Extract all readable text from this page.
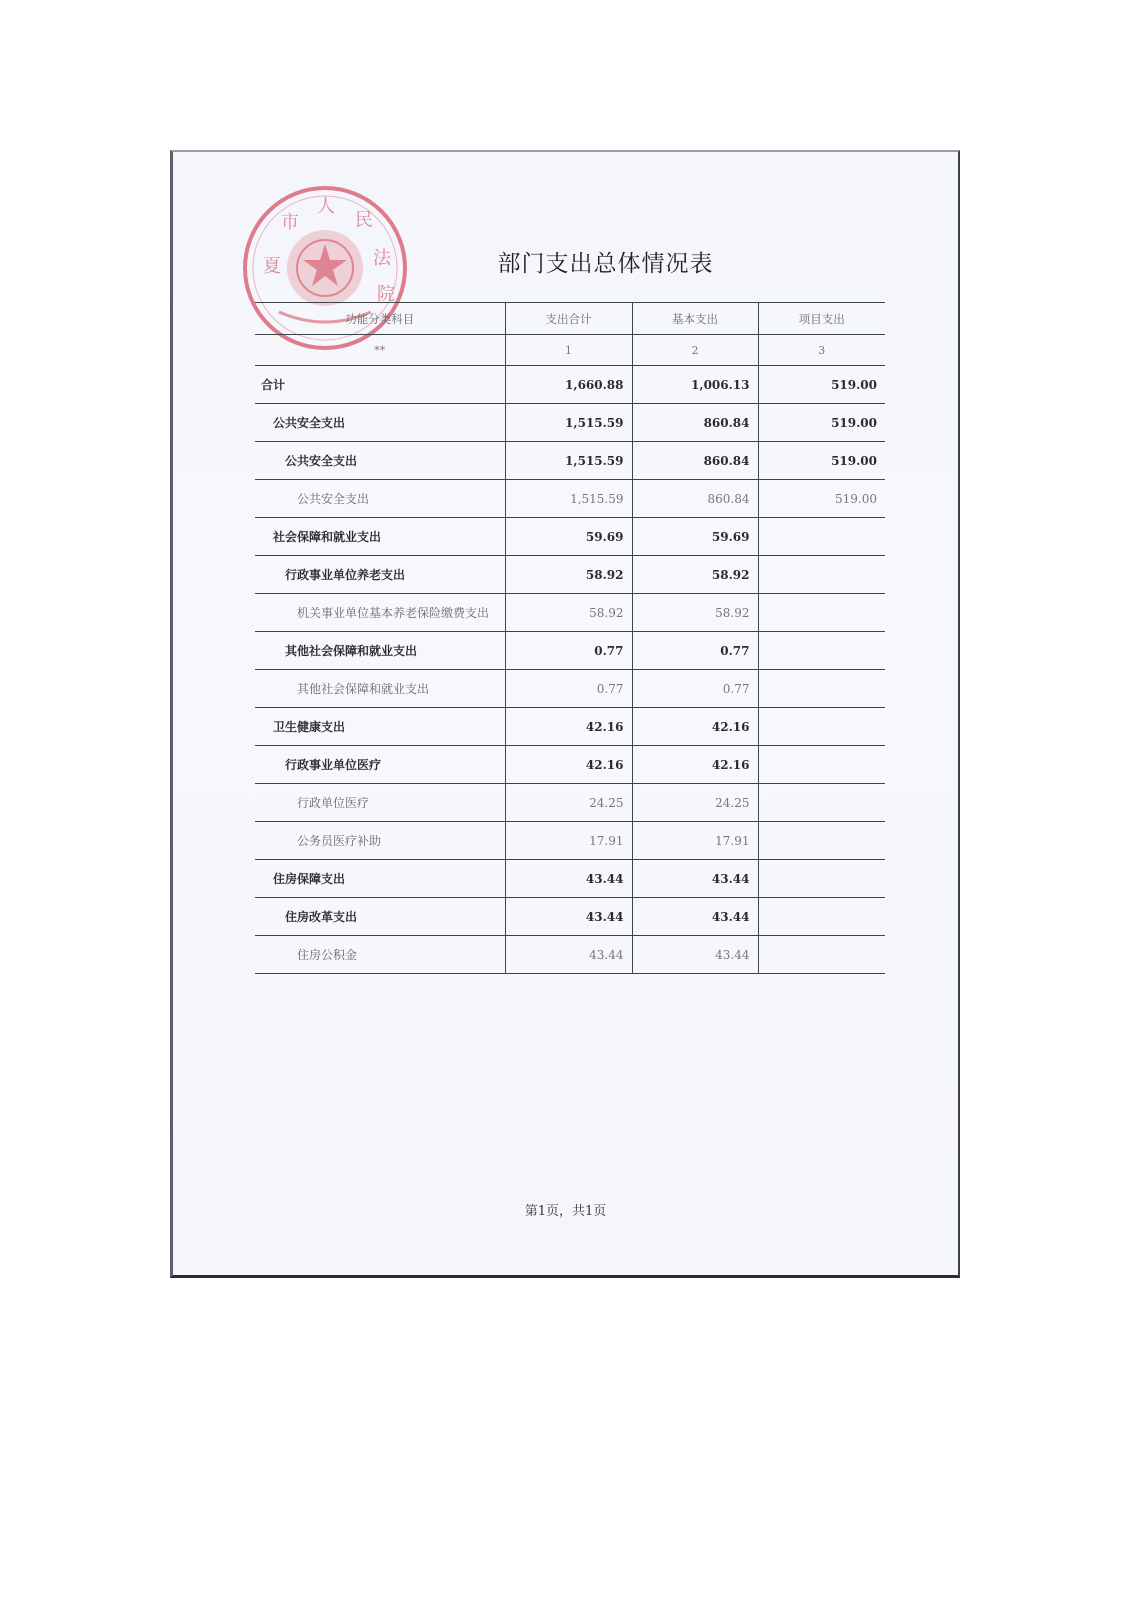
夏
市
人
民
法
院
部门支出总体情况表
功能分类科目	支出合计	基本支出	项目支出
**	1	2	3
合计	1,660.88	1,006.13	519.00
公共安全支出	1,515.59	860.84	519.00
公共安全支出	1,515.59	860.84	519.00
公共安全支出	1,515.59	860.84	519.00
社会保障和就业支出	59.69	59.69	
行政事业单位养老支出	58.92	58.92	
机关事业单位基本养老保险缴费支出	58.92	58.92	
其他社会保障和就业支出	0.77	0.77	
其他社会保障和就业支出	0.77	0.77	
卫生健康支出	42.16	42.16	
行政事业单位医疗	42.16	42.16	
行政单位医疗	24.25	24.25	
公务员医疗补助	17.91	17.91	
住房保障支出	43.44	43.44	
住房改革支出	43.44	43.44	
住房公积金	43.44	43.44	
第1页，共1页
